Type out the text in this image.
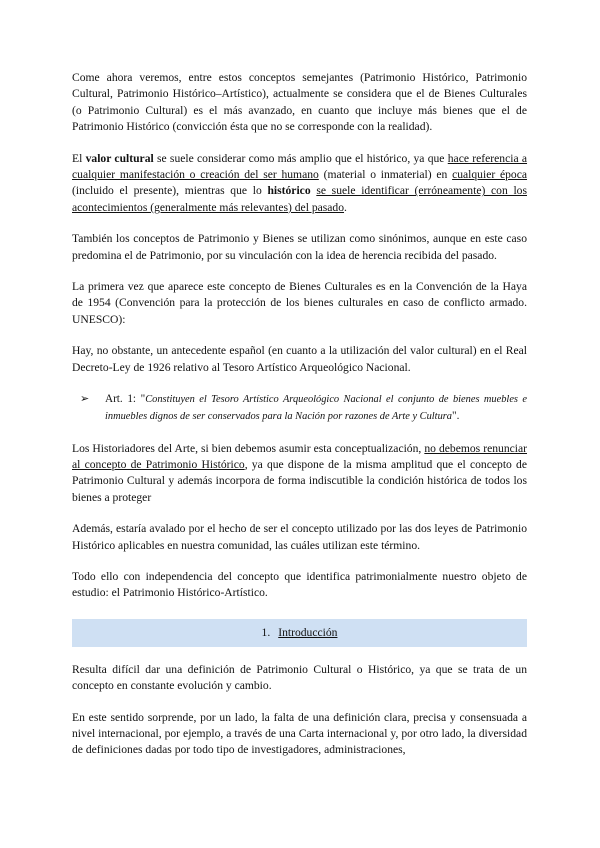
Come ahora veremos, entre estos conceptos semejantes (Patrimonio Histórico, Patrimonio Cultural, Patrimonio Histórico–Artístico), actualmente se considera que el de Bienes Culturales (o Patrimonio Cultural) es el más avanzado, en cuanto que incluye más bienes que el de Patrimonio Histórico (convicción ésta que no se corresponde con la realidad).

El valor cultural se suele considerar como más amplio que el histórico, ya que hace referencia a cualquier manifestación o creación del ser humano (material o inmaterial) en cualquier época (incluido el presente), mientras que lo histórico se suele identificar (erróneamente) con los acontecimientos (generalmente más relevantes) del pasado.

También los conceptos de Patrimonio y Bienes se utilizan como sinónimos, aunque en este caso predomina el de Patrimonio, por su vinculación con la idea de herencia recibida del pasado.

La primera vez que aparece este concepto de Bienes Culturales es en la Convención de la Haya de 1954 (Convención para la protección de los bienes culturales en caso de conflicto armado. UNESCO):

Hay, no obstante, un antecedente español (en cuanto a la utilización del valor cultural) en el Real Decreto-Ley de 1926 relativo al Tesoro Artístico Arqueológico Nacional.

➢ Art. 1: "Constituyen el Tesoro Artístico Arqueológico Nacional el conjunto de bienes muebles e inmuebles dignos de ser conservados para la Nación por razones de Arte y Cultura".

Los Historiadores del Arte, si bien debemos asumir esta conceptualización, no debemos renunciar al concepto de Patrimonio Histórico, ya que dispone de la misma amplitud que el concepto de Patrimonio Cultural y además incorpora de forma indiscutible la condición histórica de todos los bienes a proteger

Además, estaría avalado por el hecho de ser el concepto utilizado por las dos leyes de Patrimonio Histórico aplicables en nuestra comunidad, las cuáles utilizan este término.

Todo ello con independencia del concepto que identifica patrimonialmente nuestro objeto de estudio: el Patrimonio Histórico-Artístico.

1. Introducción

Resulta difícil dar una definición de Patrimonio Cultural o Histórico, ya que se trata de un concepto en constante evolución y cambio.

En este sentido sorprende, por un lado, la falta de una definición clara, precisa y consensuada a nivel internacional, por ejemplo, a través de una Carta internacional y, por otro lado, la diversidad de definiciones dadas por todo tipo de investigadores, administraciones,
